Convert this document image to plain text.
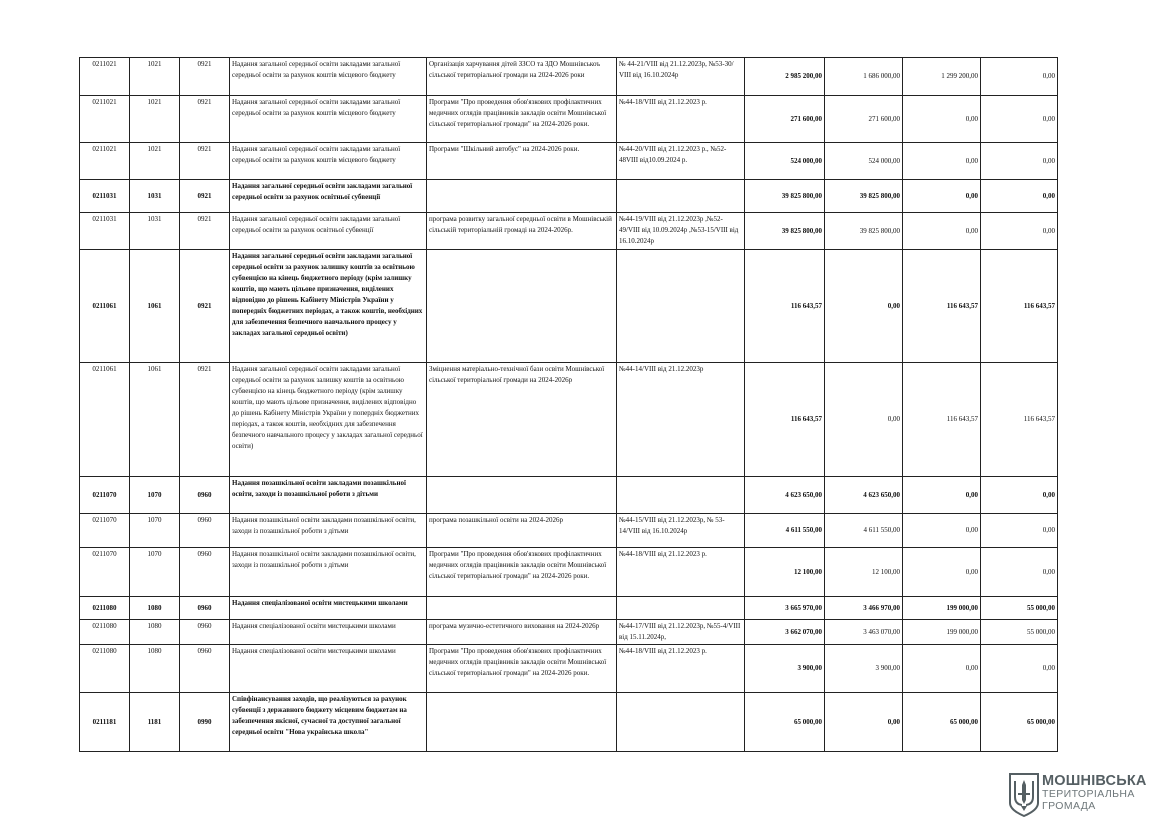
0211021	1021	0921	Надання загальної середньої освіти закладами загальної середньої освіти за рахунок коштів місцевого бюджету	Організація харчування дітей ЗЗСО та ЗДО Мошнівськоъ сільської територіальної громади на 2024-2026 роки	№ 44-21/VIII від 21.12.2023р, №53-30/ VIII від 16.10.2024р	2 985 200,00	1 686 000,00	1 299 200,00	0,00
0211021	1021	0921	Надання загальної середньої освіти закладами загальної середньої освіти за рахунок коштів місцевого бюджету	Програми "Про проведення обов'язкових профілактичних медичних оглядів працівників закладів освіти Мошнівської сільської територіальної громади" на 2024-2026 роки.	№44-18/VIII від 21.12.2023 р.	271 600,00	271 600,00	0,00	0,00
0211021	1021	0921	Надання загальної середньої освіти закладами загальної середньої освіти за рахунок коштів місцевого бюджету	Програми "Шкільний автобус" на 2024-2026 роки.	№44-20/VIII від 21.12.2023 р., №52-48VIII від10.09.2024 р.	524 000,00	524 000,00	0,00	0,00
0211031	1031	0921	Надання загальної середньої освіти закладами загальної середньої освіти за рахунок освітньої субвенції			39 825 800,00	39 825 800,00	0,00	0,00
0211031	1031	0921	Надання загальної середньої освіти закладами загальної середньої освіти за рахунок освітньої субвенції	програма розвитку загальної середньої освіти в Мошнівській сільській територіальній громаді на 2024-2026р.	№44-19/VIII від 21.12.2023р ,№52-49/VIII від 10.09.2024р ,№53-15/VIII від 16.10.2024р	39 825 800,00	39 825 800,00	0,00	0,00
0211061	1061	0921	Надання загальної середньої освіти закладами загальної середньої освіти за рахунок залишку коштів за освітньою субвенцією на кінець бюджетного періоду (крім залишку коштів, що мають цільове призначення, виділених відповідно до рішень Кабінету Міністрів України у попередніх бюджетних періодах, а також коштів, необхідних для забезпечення безпечного навчального процесу у закладах загальної середньої освіти)			116 643,57	0,00	116 643,57	116 643,57
0211061	1061	0921	Надання загальної середньої освіти закладами загальної середньої освіти за рахунок залишку коштів за освітньою субвенцією на кінець бюджетного періоду (крім залишку коштів, що мають цільове призначення, виділених відповідно до рішень Кабінету Міністрів України у попердніх бюджетних періодах, а також коштів, необхідних для забезпечення безпечного навчального процесу у закладах загальної середньої освіти)	Зміцнення матеріально-технічної бази освіти Мошнівської сільської територіальної громади на 2024-2026р	№44-14/VIII від 21.12.2023р	116 643,57	0,00	116 643,57	116 643,57
0211070	1070	0960	Надання позашкільної освіти закладами позашкільної освіти, заходи із позашкільної роботи з дітьми			4 623 650,00	4 623 650,00	0,00	0,00
0211070	1070	0960	Надання позашкільної освіти закладами позашкільної освіти, заходи із позашкільної роботи з дітьми	програма позашкільної освіти на 2024-2026р	№44-15/VIII від 21.12.2023р, № 53-14/VIII від 16.10.2024р	4 611 550,00	4 611 550,00	0,00	0,00
0211070	1070	0960	Надання позашкільної освіти закладами позашкільної освіти, заходи із позашкільної роботи з дітьми	Програми "Про проведення обов'язкових профілактичних медичних оглядів працівників закладів освіти Мошнівської сільської територіальної громади" на 2024-2026 роки.	№44-18/VIII від 21.12.2023 р.	12 100,00	12 100,00	0,00	0,00
0211080	1080	0960	Надання спеціалізованої освіти мистецькими школами			3 665 970,00	3 466 970,00	199 000,00	55 000,00
0211080	1080	0960	Надання спеціалізованої освіти мистецькими школами	програма музично-естетичного виховання на 2024-2026р	№44-17/VIII від 21.12.2023р, №55-4/VIII від 15.11.2024р,	3 662 070,00	3 463 070,00	199 000,00	55 000,00
0211080	1080	0960	Надання спеціалізованої освіти мистецькими школами	Програми "Про проведення обов'язкових профілактичних медичних оглядів працівників закладів освіти Мошнівської сільської територіальної громади" на 2024-2026 роки.	№44-18/VIII від 21.12.2023 р.	3 900,00	3 900,00	0,00	0,00
0211181	1181	0990	Співфінансування заходів, що реалізуються за рахунок субвенції з державного бюджету місцевим бюджетам на забезпечення якісної, сучасної та доступної загальної середньої освіти "Нова українська школа"			65 000,00	0,00	65 000,00	65 000,00
МОШНІВСЬКА
ТЕРИТОРІАЛЬНА
ГРОМАДА
